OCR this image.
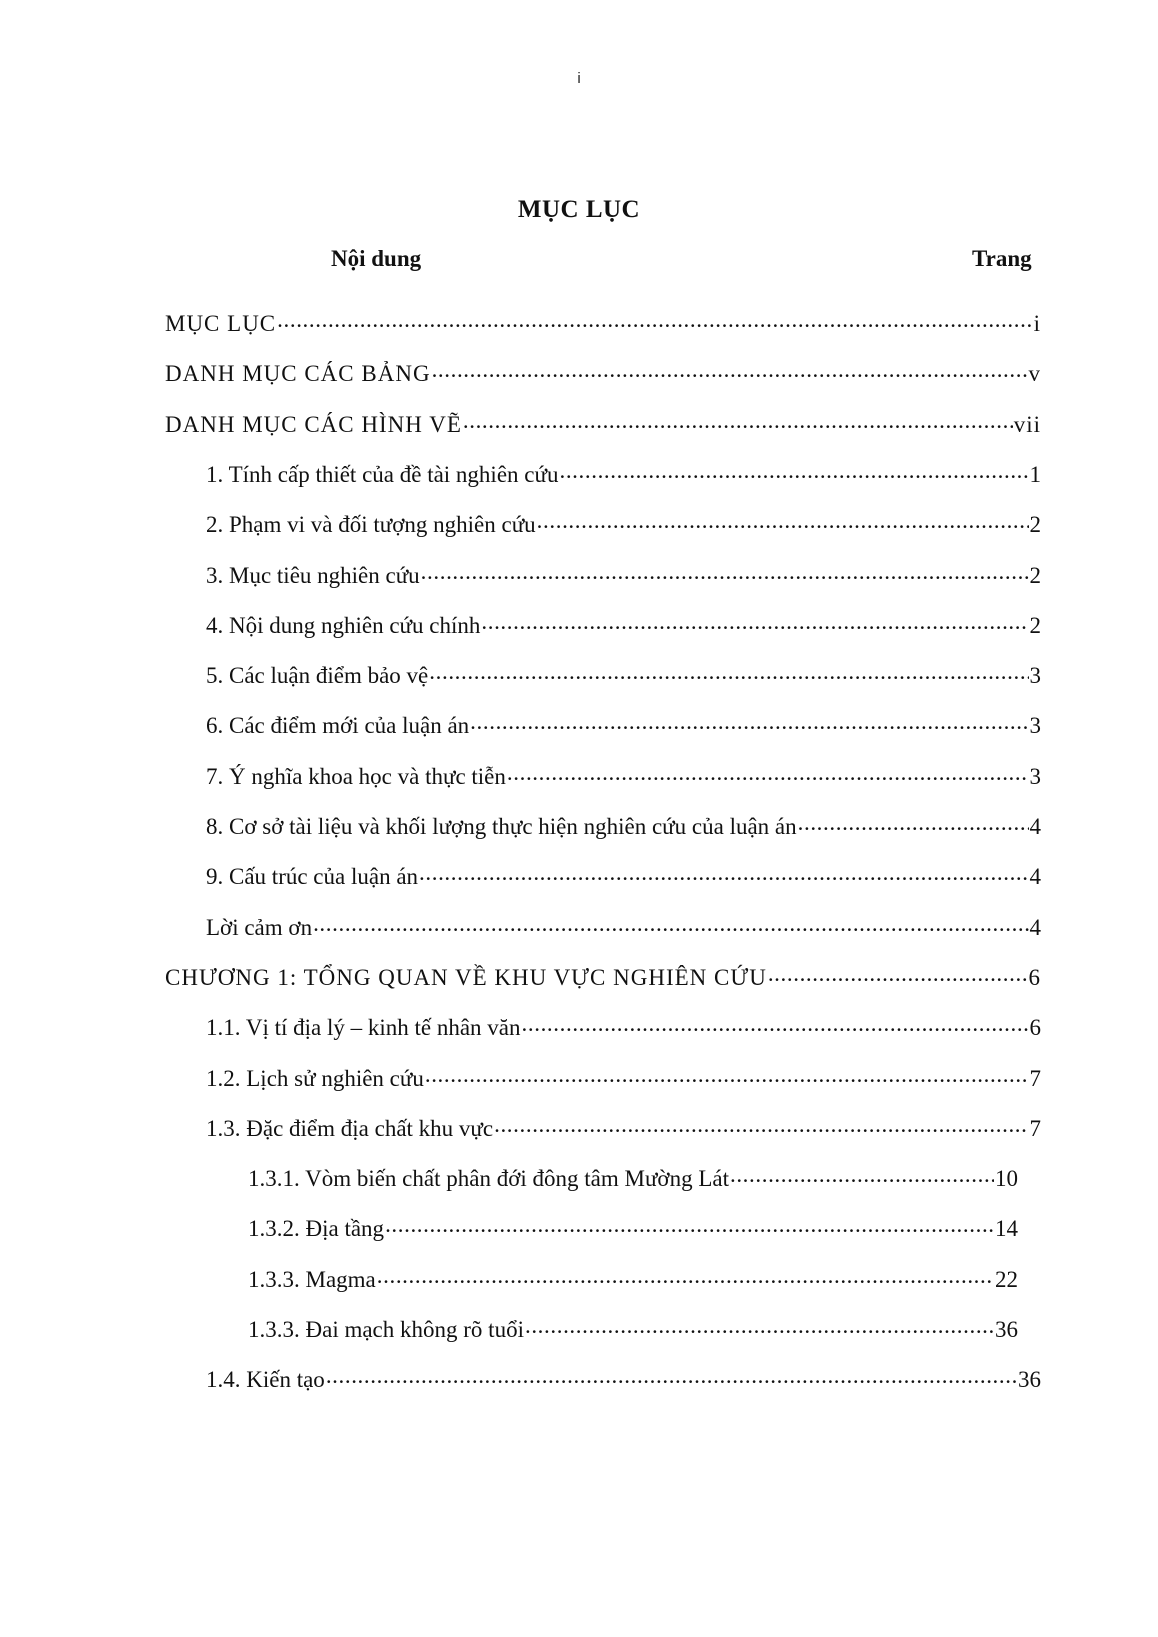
i
MỤC LỤC
Nội dung	Trang
MỤC LỤC .....	i
DANH MỤC CÁC BẢNG .....	v
DANH MỤC CÁC HÌNH VẼ .....	vii
1. Tính cấp thiết của đề tài nghiên cứu .....	1
2. Phạm vi và đối tượng nghiên cứu .....	2
3. Mục tiêu nghiên cứu .....	2
4. Nội dung nghiên cứu chính .....	2
5. Các luận điểm bảo vệ .....	3
6. Các điểm mới của luận án .....	3
7. Ý nghĩa khoa học và thực tiễn .....	3
8. Cơ sở tài liệu và khối lượng thực hiện nghiên cứu của luận án .....	4
9. Cấu trúc của luận án .....	4
Lời cảm ơn .....	4
CHƯƠNG 1: TỔNG QUAN VỀ KHU VỰC NGHIÊN CỨU .....	6
1.1. Vị tí địa lý – kinh tế nhân văn .....	6
1.2. Lịch sử nghiên cứu .....	7
1.3. Đặc điểm địa chất khu vực .....	7
1.3.1. Vòm biến chất phân đới đông tâm Mường Lát .....	10
1.3.2. Địa tầng .....	14
1.3.3. Magma .....	22
1.3.3. Đai mạch không rõ tuổi .....	36
1.4. Kiến tạo .....	36
